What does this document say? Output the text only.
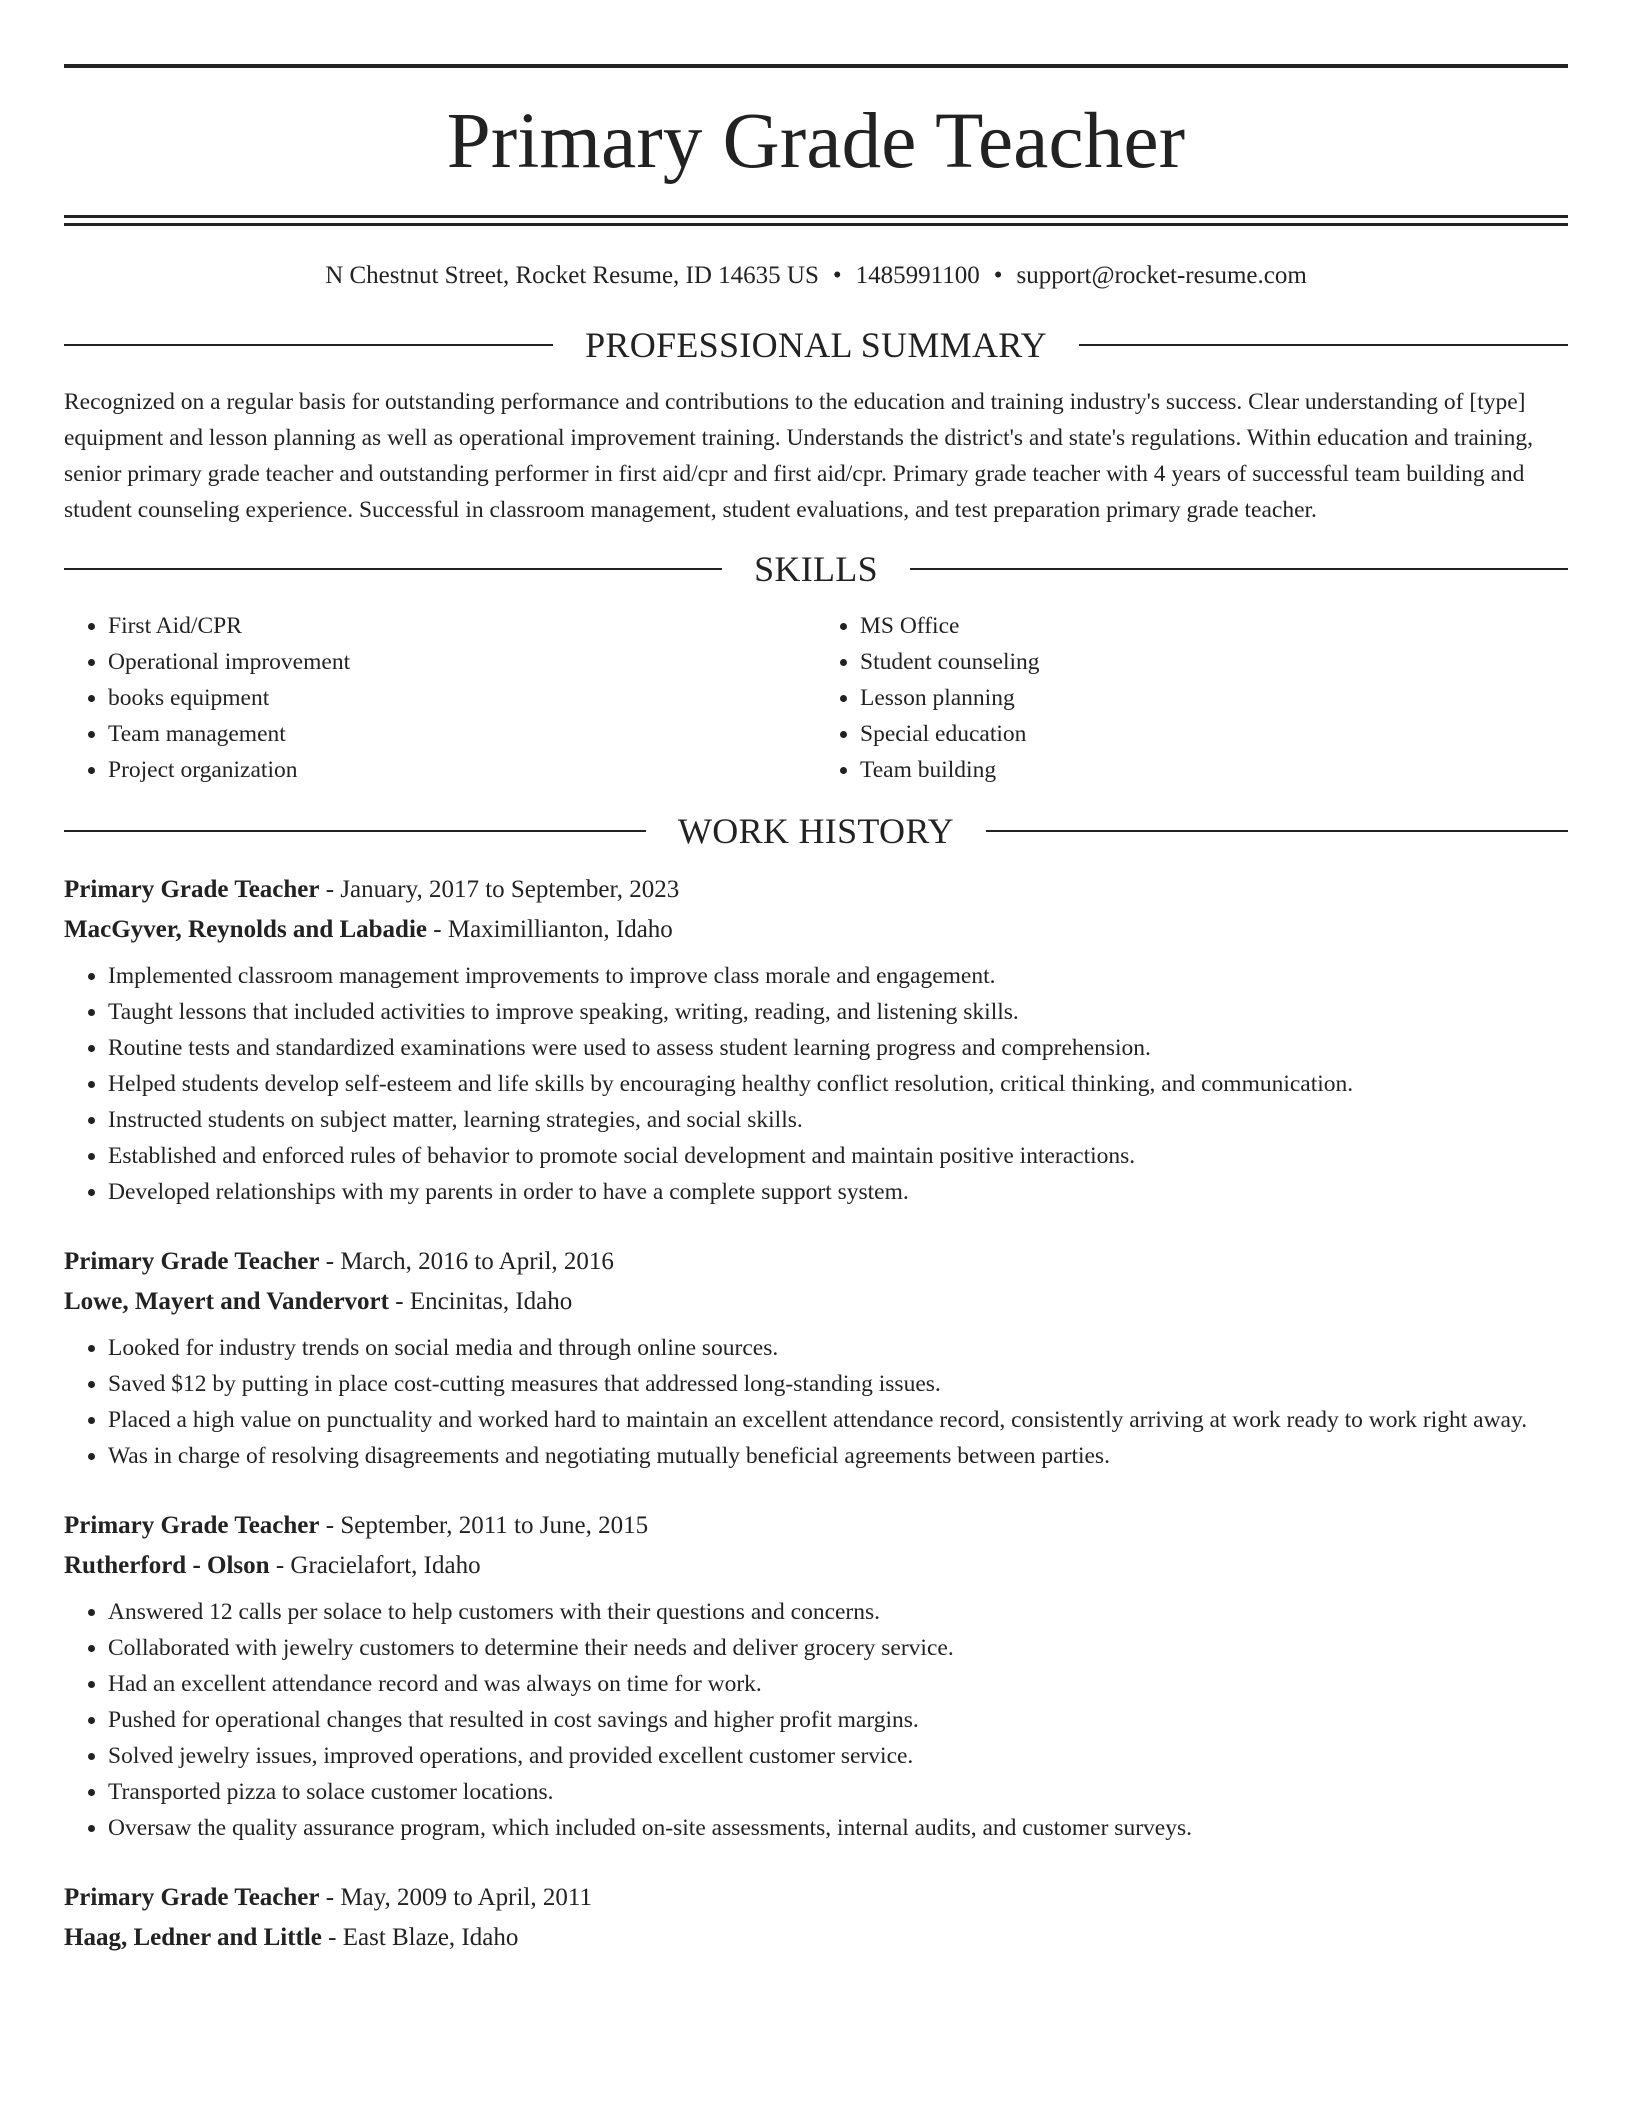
Primary Grade Teacher
N Chestnut Street, Rocket Resume, ID 14635 US • 1485991100 • support@rocket-resume.com
PROFESSIONAL SUMMARY

Recognized on a regular basis for outstanding performance and contributions to the education and training industry's success. Clear understanding of [type] equipment and lesson planning as well as operational improvement training. Understands the district's and state's regulations. Within education and training, senior primary grade teacher and outstanding performer in first aid/cpr and first aid/cpr. Primary grade teacher with 4 years of successful team building and student counseling experience. Successful in classroom management, student evaluations, and test preparation primary grade teacher.

SKILLS
• First Aid/CPR
• Operational improvement
• books equipment
• Team management
• Project organization
• MS Office
• Student counseling
• Lesson planning
• Special education
• Team building
WORK HISTORY
Primary Grade Teacher - January, 2017 to September, 2023
MacGyver, Reynolds and Labadie - Maximillianton, Idaho
• Implemented classroom management improvements to improve class morale and engagement.
• Taught lessons that included activities to improve speaking, writing, reading, and listening skills.
• Routine tests and standardized examinations were used to assess student learning progress and comprehension.
• Helped students develop self-esteem and life skills by encouraging healthy conflict resolution, critical thinking, and communication.
• Instructed students on subject matter, learning strategies, and social skills.
• Established and enforced rules of behavior to promote social development and maintain positive interactions.
• Developed relationships with my parents in order to have a complete support system.
Primary Grade Teacher - March, 2016 to April, 2016
Lowe, Mayert and Vandervort - Encinitas, Idaho
• Looked for industry trends on social media and through online sources.
• Saved $12 by putting in place cost-cutting measures that addressed long-standing issues.
• Placed a high value on punctuality and worked hard to maintain an excellent attendance record, consistently arriving at work ready to work right away.
• Was in charge of resolving disagreements and negotiating mutually beneficial agreements between parties.
Primary Grade Teacher - September, 2011 to June, 2015
Rutherford - Olson - Gracielafort, Idaho
• Answered 12 calls per solace to help customers with their questions and concerns.
• Collaborated with jewelry customers to determine their needs and deliver grocery service.
• Had an excellent attendance record and was always on time for work.
• Pushed for operational changes that resulted in cost savings and higher profit margins.
• Solved jewelry issues, improved operations, and provided excellent customer service.
• Transported pizza to solace customer locations.
• Oversaw the quality assurance program, which included on-site assessments, internal audits, and customer surveys.
Primary Grade Teacher - May, 2009 to April, 2011
Haag, Ledner and Little - East Blaze, Idaho
